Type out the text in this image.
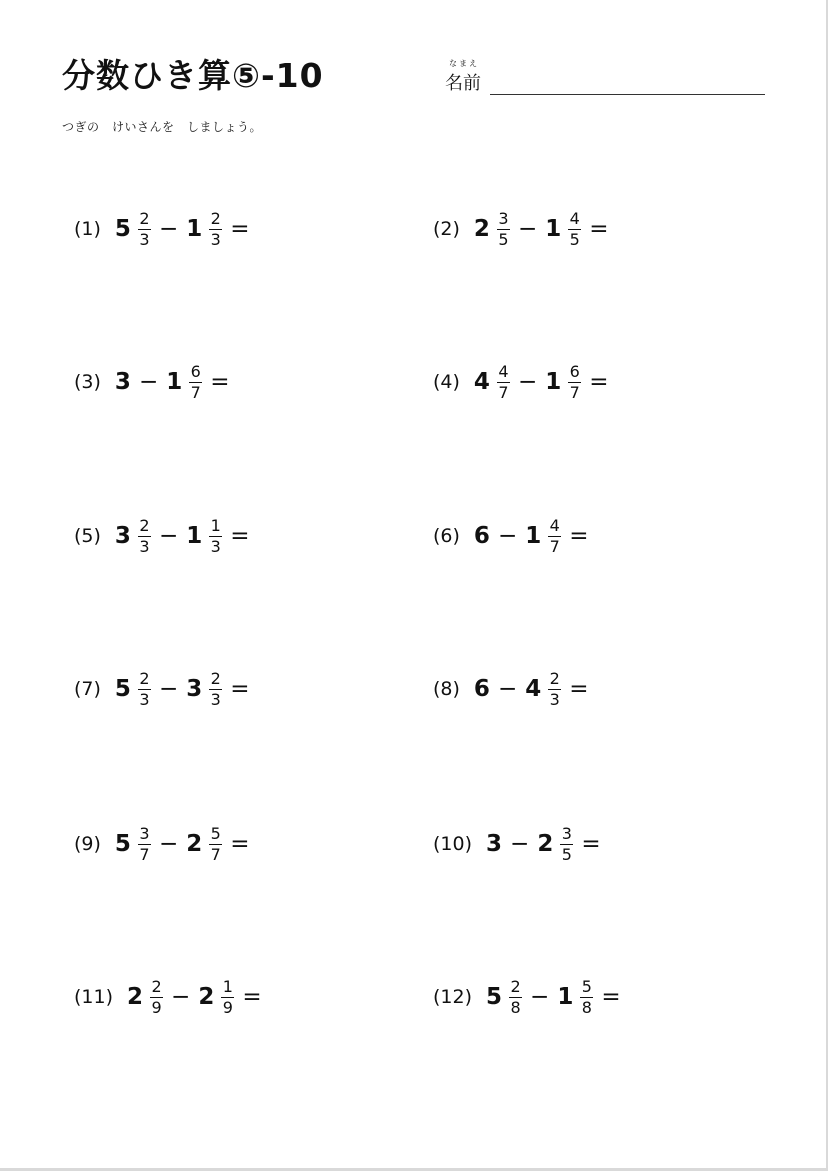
分数ひき算⑤-10	なまえ
名前
つぎの　けいさんを　しましょう。
(1) $5 \frac{2}{3} - 1 \frac{2}{3}$ =	(2) $2 \frac{3}{5} - 1 \frac{4}{5}$ =
(3) $3 - 1 \frac{6}{7}$ =	(4) $4 \frac{4}{7} - 1 \frac{6}{7}$ =
(5) $3 \frac{2}{3} - 1 \frac{1}{3}$ =	(6) $6 - 1 \frac{4}{7}$ =
(7) $5 \frac{2}{3} - 3 \frac{2}{3}$ =	(8) $6 - 4 \frac{2}{3}$ =
(9) $5 \frac{3}{7} - 2 \frac{5}{7}$ =	(10) $3 - 2 \frac{3}{5}$ =
(11) $2 \frac{2}{9} - 2 \frac{1}{9}$ =	(12) $5 \frac{2}{8} - 1 \frac{5}{8}$ =
